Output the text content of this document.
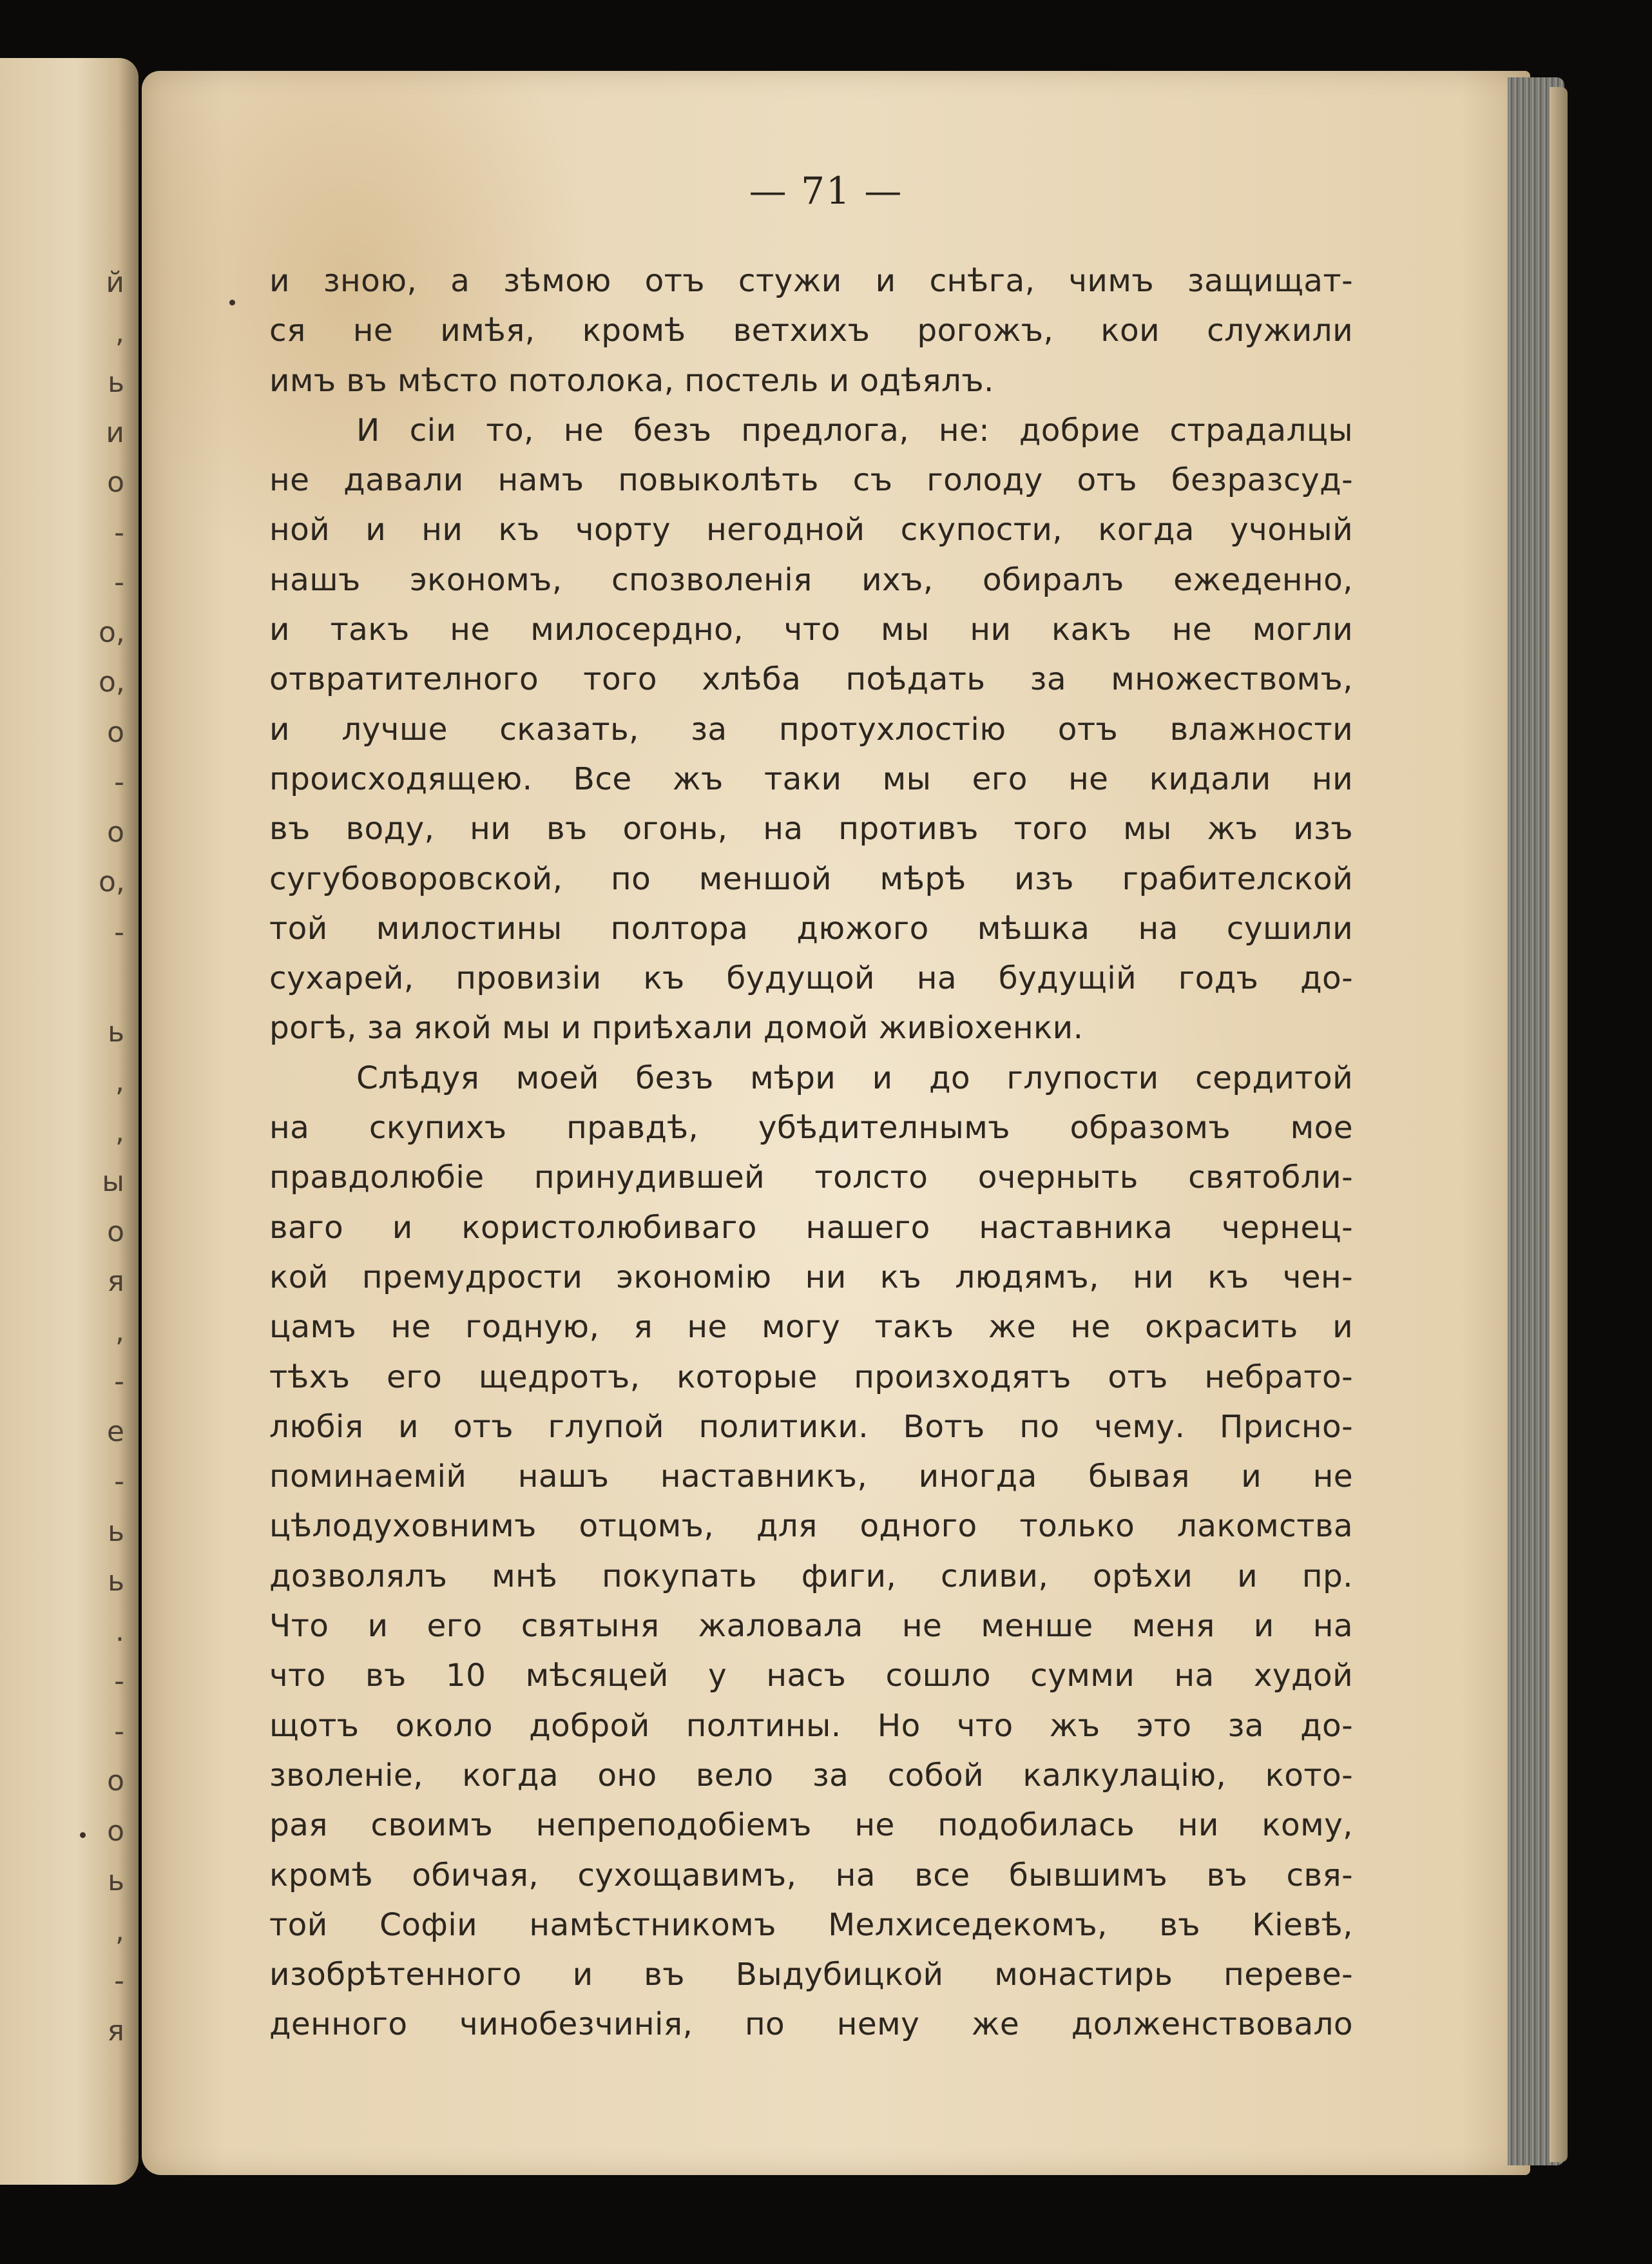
й
,
ь
и
о
-
-
о,
о,
о
-
о
о,
-
ь
,
,
ы
о
я
,
-
е
-
ь
ь
.
-
-
о
о
ь
,
-
я
— 71 —
и зною, а зѣмою отъ стужи и снѣга, чимъ защищат-
ся не имѣя, кромѣ ветхихъ рогожъ, кои служили
имъ въ мѣсто потолока, постель и одѣялъ.
И сіи то, не безъ предлога, не: добрие страдалцы
не давали намъ повыколѣть съ голоду отъ безразсуд-
ной и ни къ чорту негодной скупости, когда учоный
нашъ экономъ, спозволенія ихъ, обиралъ ежеденно,
и такъ не милосердно, что мы ни какъ не могли
отвратителного того хлѣба поѣдать за множествомъ,
и лучше сказать, за протухлостію отъ влажности
происходящею. Все жъ таки мы его не кидали ни
въ воду, ни въ огонь, на противъ того мы жъ изъ
сугубоворовской, по меншой мѣрѣ изъ грабителской
той милостины полтора дюжого мѣшка на сушили
сухарей, провизіи къ будущой на будущій годъ до-
рогѣ, за якой мы и приѣхали домой живіохенки.
Слѣдуя моей безъ мѣри и до глупости сердитой
на скупихъ правдѣ, убѣдителнымъ образомъ мое
правдолюбіе принудившей толсто очерныть святобли-
ваго и користолюбиваго нашего наставника чернец-
кой премудрости экономію ни къ людямъ, ни къ чен-
цамъ не годную, я не могу такъ же не окрасить и
тѣхъ его щедротъ, которые произходятъ отъ небрато-
любія и отъ глупой политики. Вотъ по чему. Присно-
поминаемій нашъ наставникъ, иногда бывая и не
цѣлодуховнимъ отцомъ, для одного только лакомства
дозволялъ мнѣ покупать фиги, сливи, орѣхи и пр.
Что и его святыня жаловала не менше меня и на
что въ 10 мѣсяцей у насъ сошло сумми на худой
щотъ около доброй полтины. Но что жъ это за до-
зволеніе, когда оно вело за собой калкулацію, кото-
рая своимъ непреподобіемъ не подобилась ни кому,
кромѣ обичая, сухощавимъ, на все бывшимъ въ свя-
той Софіи намѣстникомъ Мелхиседекомъ, въ Кіевѣ,
изобрѣтенного и въ Выдубицкой монастирь переве-
денного чинобезчинія, по нему же долженствовало
